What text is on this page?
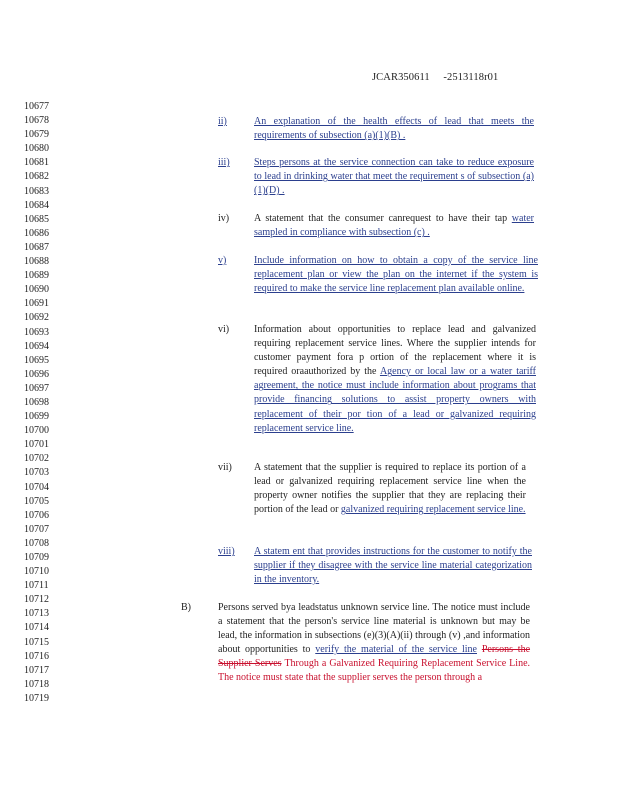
JCAR350611     -2513118r01
10677
10678
10679
10680
10681
10682
10683
10684
10685
10686
10687
10688
10689
10690
10691
10692
10693
10694
10695
10696
10697
10698
10699
10700
10701
10702
10703
10704
10705
10706
10707
10708
10709
10710
10711
10712
10713
10714
10715
10716
10717
10718
10719
ii)	An explanation of the health effects of lead that meets the requirements of subsection (a)(1)(B) .
iii)	Steps persons at the service connection can take to reduce exposure to lead in drinking water that meet the requirement s of subsection (a)(1)(D) .
iv)	A statement that the consumer canrequest to have their tap water sampled in compliance with subsection (c) .
v)	Include information on how to obtain a copy of the service line replacement plan or view the plan on the internet if the system is required to make the service line replacement plan available online.
vi)	Information about opportunities to replace lead and galvanized requiring replacement service lines. Where the supplier intends for customer payment fora p ortion of the replacement where it is required oraauthorized by the Agency or local law or a water tariff agreement, the notice must include information about programs that provide financing solutions to assist property owners with replacement of their por tion of a lead or galvanized requiring replacement service line.
vii)	A statement that the supplier is required to replace its portion of a lead or galvanized requiring replacement service line when the property owner notifies the supplier that they are replacing their portion of the lead or galvanized requiring replacement service line.
viii)	A statem ent that provides instructions for the customer to notify the supplier if they disagree with the service line material categorization in the inventory.
B)	Persons served bya leadstatus unknown service line. The notice must include a statement that the person's service line material is unknown but may be lead, the information in subsections (e)(3)(A)(ii) through (v) ,and information about opportunities to verify the material of the service line Persons the Supplier Serves Through a Galvanized Requiring Replacement Service Line. The notice must state that the supplier serves the person through a
